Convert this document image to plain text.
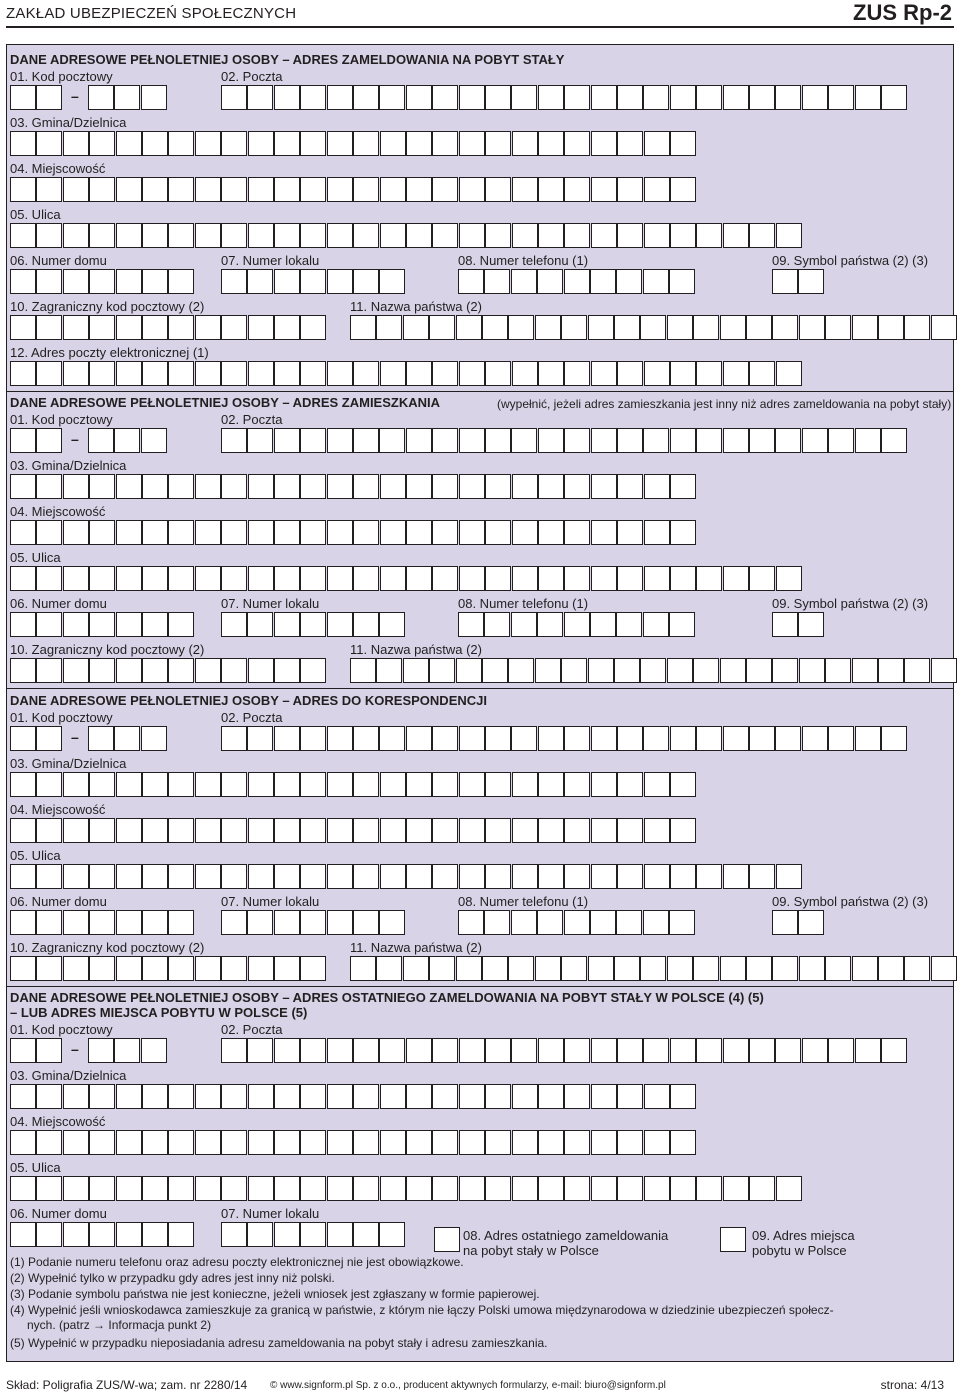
ZAKŁAD UBEZPIECZEŃ SPOŁECZNYCH	ZUS Rp-2
DANE ADRESOWE PEŁNOLETNIEJ OSOBY – ADRES ZAMELDOWANIA NA POBYT STAŁY
01. Kod pocztowy	02. Poczta
–
03. Gmina/Dzielnica
04. Miejscowość
05. Ulica
06. Numer domu	07. Numer lokalu	08. Numer telefonu (1)	09. Symbol państwa (2) (3)
10. Zagraniczny kod pocztowy (2)	11. Nazwa państwa (2)
12. Adres poczty elektronicznej (1)
DANE ADRESOWE PEŁNOLETNIEJ OSOBY – ADRES ZAMIESZKANIA	(wypełnić, jeżeli adres zamieszkania jest inny niż adres zameldowania na pobyt stały)
01. Kod pocztowy	02. Poczta
–
03. Gmina/Dzielnica
04. Miejscowość
05. Ulica
06. Numer domu	07. Numer lokalu	08. Numer telefonu (1)	09. Symbol państwa (2) (3)
10. Zagraniczny kod pocztowy (2)	11. Nazwa państwa (2)
DANE ADRESOWE PEŁNOLETNIEJ OSOBY – ADRES DO KORESPONDENCJI
01. Kod pocztowy	02. Poczta
–
03. Gmina/Dzielnica
04. Miejscowość
05. Ulica
06. Numer domu	07. Numer lokalu	08. Numer telefonu (1)	09. Symbol państwa (2) (3)
10. Zagraniczny kod pocztowy (2)	11. Nazwa państwa (2)
DANE ADRESOWE PEŁNOLETNIEJ OSOBY – ADRES OSTATNIEGO ZAMELDOWANIA NA POBYT STAŁY W POLSCE (4) (5)
– LUB ADRES MIEJSCA POBYTU W POLSCE (5)
01. Kod pocztowy	02. Poczta
–
03. Gmina/Dzielnica
04. Miejscowość
05. Ulica
06. Numer domu	07. Numer lokalu
08. Adres ostatniego zameldowania
na pobyt stały w Polsce
09. Adres miejsca
pobytu w Polsce
(1) Podanie numeru telefonu oraz adresu poczty elektronicznej nie jest obowiązkowe.
(2) Wypełnić tylko w przypadku gdy adres jest inny niż polski.
(3) Podanie symbolu państwa nie jest konieczne, jeżeli wniosek jest zgłaszany w formie papierowej.
(4) Wypełnić jeśli wnioskodawca zamieszkuje za granicą w państwie, z którym nie łączy Polski umowa międzynarodowa w dziedzinie ubezpieczeń społecz-
nych. (patrz → Informacja punkt 2)
(5) Wypełnić w przypadku nieposiadania adresu zameldowania na pobyt stały i adresu zamieszkania.
Skład: Poligrafia ZUS/W-wa; zam. nr 2280/14 © www.signform.pl Sp. z o.o., producent aktywnych formularzy, e-mail: biuro@signform.pl	strona: 4/13
